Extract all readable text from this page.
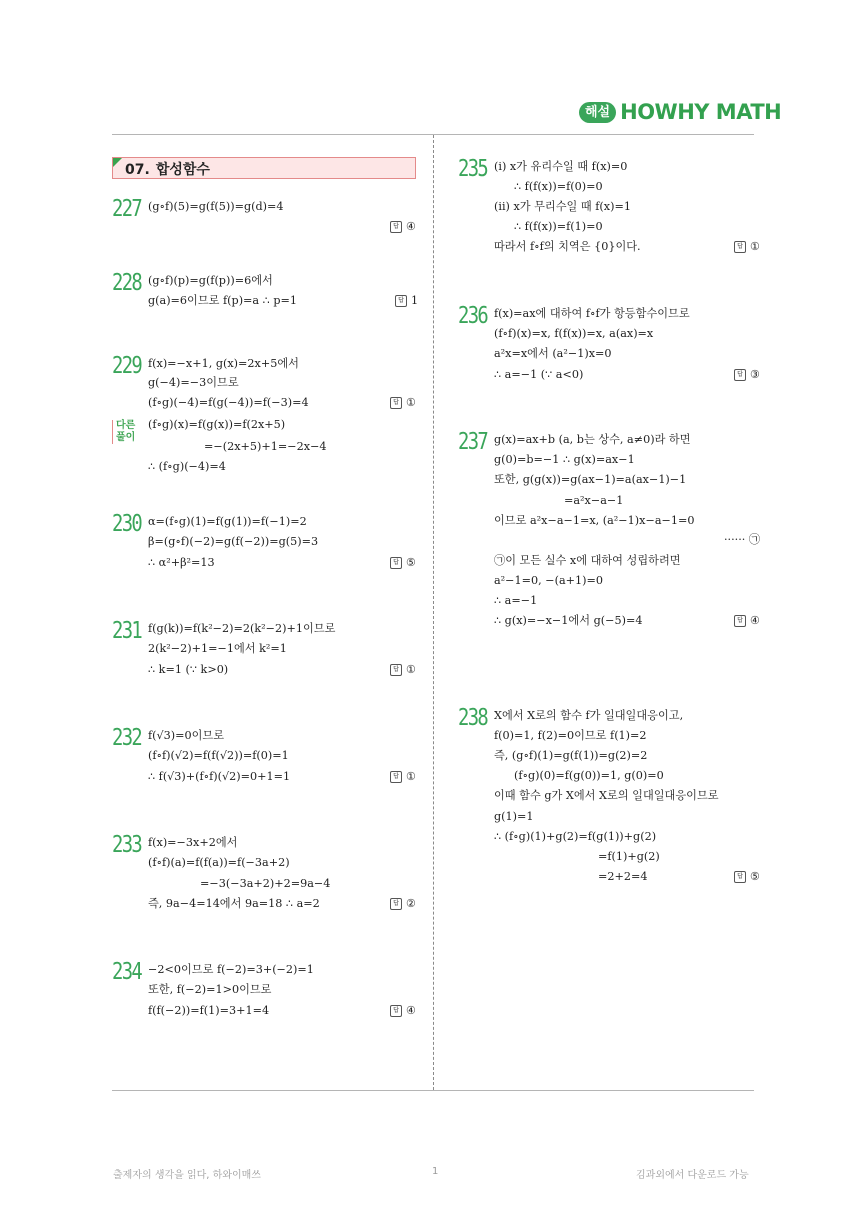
해설 HOWHY MATH
07. 합성함수
227 (g∘f)(5)=g(f(5))=g(d)=4
답 ④
228 (g∘f)(p)=g(f(p))=6에서
g(a)=6이므로 f(p)=a ∴ p=1	답 1
229 f(x)=−x+1, g(x)=2x+5에서
g(−4)=−3이므로
(f∘g)(−4)=f(g(−4))=f(−3)=4	답 ①
다른
풀이
(f∘g)(x)=f(g(x))=f(2x+5)
=−(2x+5)+1=−2x−4
∴ (f∘g)(−4)=4
230 α=(f∘g)(1)=f(g(1))=f(−1)=2
β=(g∘f)(−2)=g(f(−2))=g(5)=3
∴ α²+β²=13	답 ⑤
231 f(g(k))=f(k²−2)=2(k²−2)+1이므로
2(k²−2)+1=−1에서 k²=1
∴ k=1 (∵ k>0)	답 ①
232 f(√3)=0이므로
(f∘f)(√2)=f(f(√2))=f(0)=1
∴ f(√3)+(f∘f)(√2)=0+1=1	답 ①
233 f(x)=−3x+2에서
(f∘f)(a)=f(f(a))=f(−3a+2)
=−3(−3a+2)+2=9a−4
즉, 9a−4=14에서 9a=18 ∴ a=2	답 ②
234 −2<0이므로 f(−2)=3+(−2)=1
또한, f(−2)=1>0이므로
f(f(−2))=f(1)=3+1=4	답 ④
235 (i) x가 유리수일 때 f(x)=0
∴ f(f(x))=f(0)=0
(ii) x가 무리수일 때 f(x)=1
∴ f(f(x))=f(1)=0
따라서 f∘f의 치역은 {0}이다.	답 ①
236 f(x)=ax에 대하여 f∘f가 항등함수이므로
(f∘f)(x)=x, f(f(x))=x, a(ax)=x
a²x=x에서 (a²−1)x=0
∴ a=−1 (∵ a<0)	답 ③
237 g(x)=ax+b (a, b는 상수, a≠0)라 하면
g(0)=b=−1 ∴ g(x)=ax−1
또한, g(g(x))=g(ax−1)=a(ax−1)−1
=a²x−a−1
이므로 a²x−a−1=x, (a²−1)x−a−1=0
······ ㉠
㉠이 모든 실수 x에 대하여 성립하려면
a²−1=0, −(a+1)=0
∴ a=−1
∴ g(x)=−x−1에서 g(−5)=4	답 ④
238 X에서 X로의 함수 f가 일대일대응이고,
f(0)=1, f(2)=0이므로 f(1)=2
즉, (g∘f)(1)=g(f(1))=g(2)=2
(f∘g)(0)=f(g(0))=1, g(0)=0
이때 함수 g가 X에서 X로의 일대일대응이므로
g(1)=1
∴ (f∘g)(1)+g(2)=f(g(1))+g(2)
=f(1)+g(2)
=2+2=4	답 ⑤
출제자의 생각을 읽다, 하와이매쓰	1	김과외에서 다운로드 가능
